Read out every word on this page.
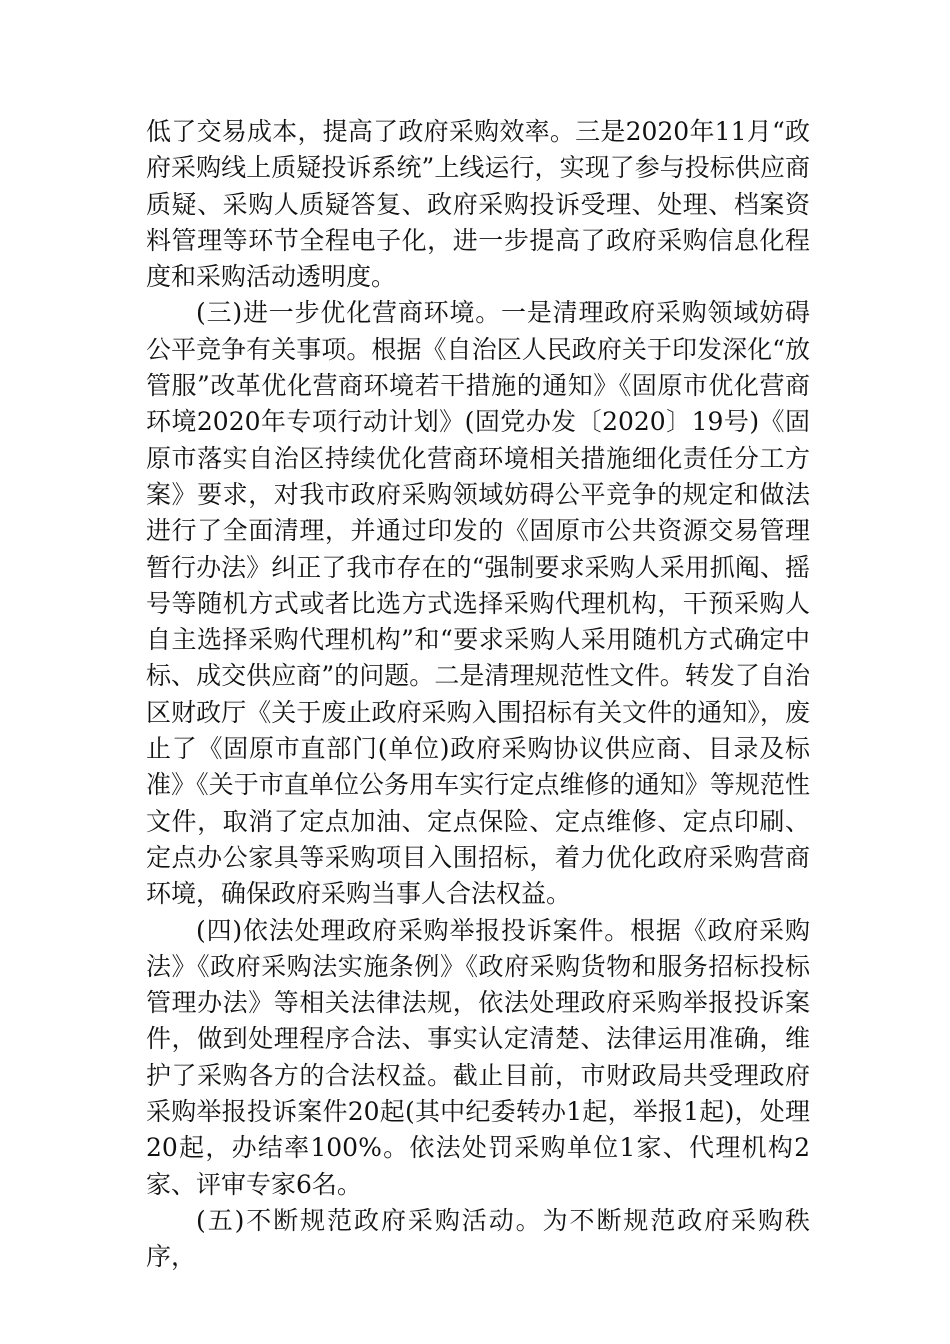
低了交易成本，提高了政府采购效率。三是2020年11月“政府采购线上质疑投诉系统”上线运行，实现了参与投标供应商质疑、采购人质疑答复、政府采购投诉受理、处理、档案资料管理等环节全程电子化，进一步提高了政府采购信息化程度和采购活动透明度。

(三)进一步优化营商环境。一是清理政府采购领域妨碍公平竞争有关事项。根据《自治区人民政府关于印发深化“放管服”改革优化营商环境若干措施的通知》《固原市优化营商环境2020年专项行动计划》(固党办发〔2020〕19号)《固原市落实自治区持续优化营商环境相关措施细化责任分工方案》要求，对我市政府采购领域妨碍公平竞争的规定和做法进行了全面清理，并通过印发的《固原市公共资源交易管理暂行办法》纠正了我市存在的“强制要求采购人采用抓阄、摇号等随机方式或者比选方式选择采购代理机构，干预采购人自主选择采购代理机构”和“要求采购人采用随机方式确定中标、成交供应商”的问题。二是清理规范性文件。转发了自治区财政厅《关于废止政府采购入围招标有关文件的通知》，废止了《固原市直部门(单位)政府采购协议供应商、目录及标准》《关于市直单位公务用车实行定点维修的通知》等规范性文件，取消了定点加油、定点保险、定点维修、定点印刷、定点办公家具等采购项目入围招标，着力优化政府采购营商环境，确保政府采购当事人合法权益。

(四)依法处理政府采购举报投诉案件。根据《政府采购法》《政府采购法实施条例》《政府采购货物和服务招标投标管理办法》等相关法律法规，依法处理政府采购举报投诉案件，做到处理程序合法、事实认定清楚、法律运用准确，维护了采购各方的合法权益。截止目前，市财政局共受理政府采购举报投诉案件20起(其中纪委转办1起，举报1起)，处理20起，办结率100%。依法处罚采购单位1家、代理机构2家、评审专家6名。

(五)不断规范政府采购活动。为不断规范政府采购秩序，
